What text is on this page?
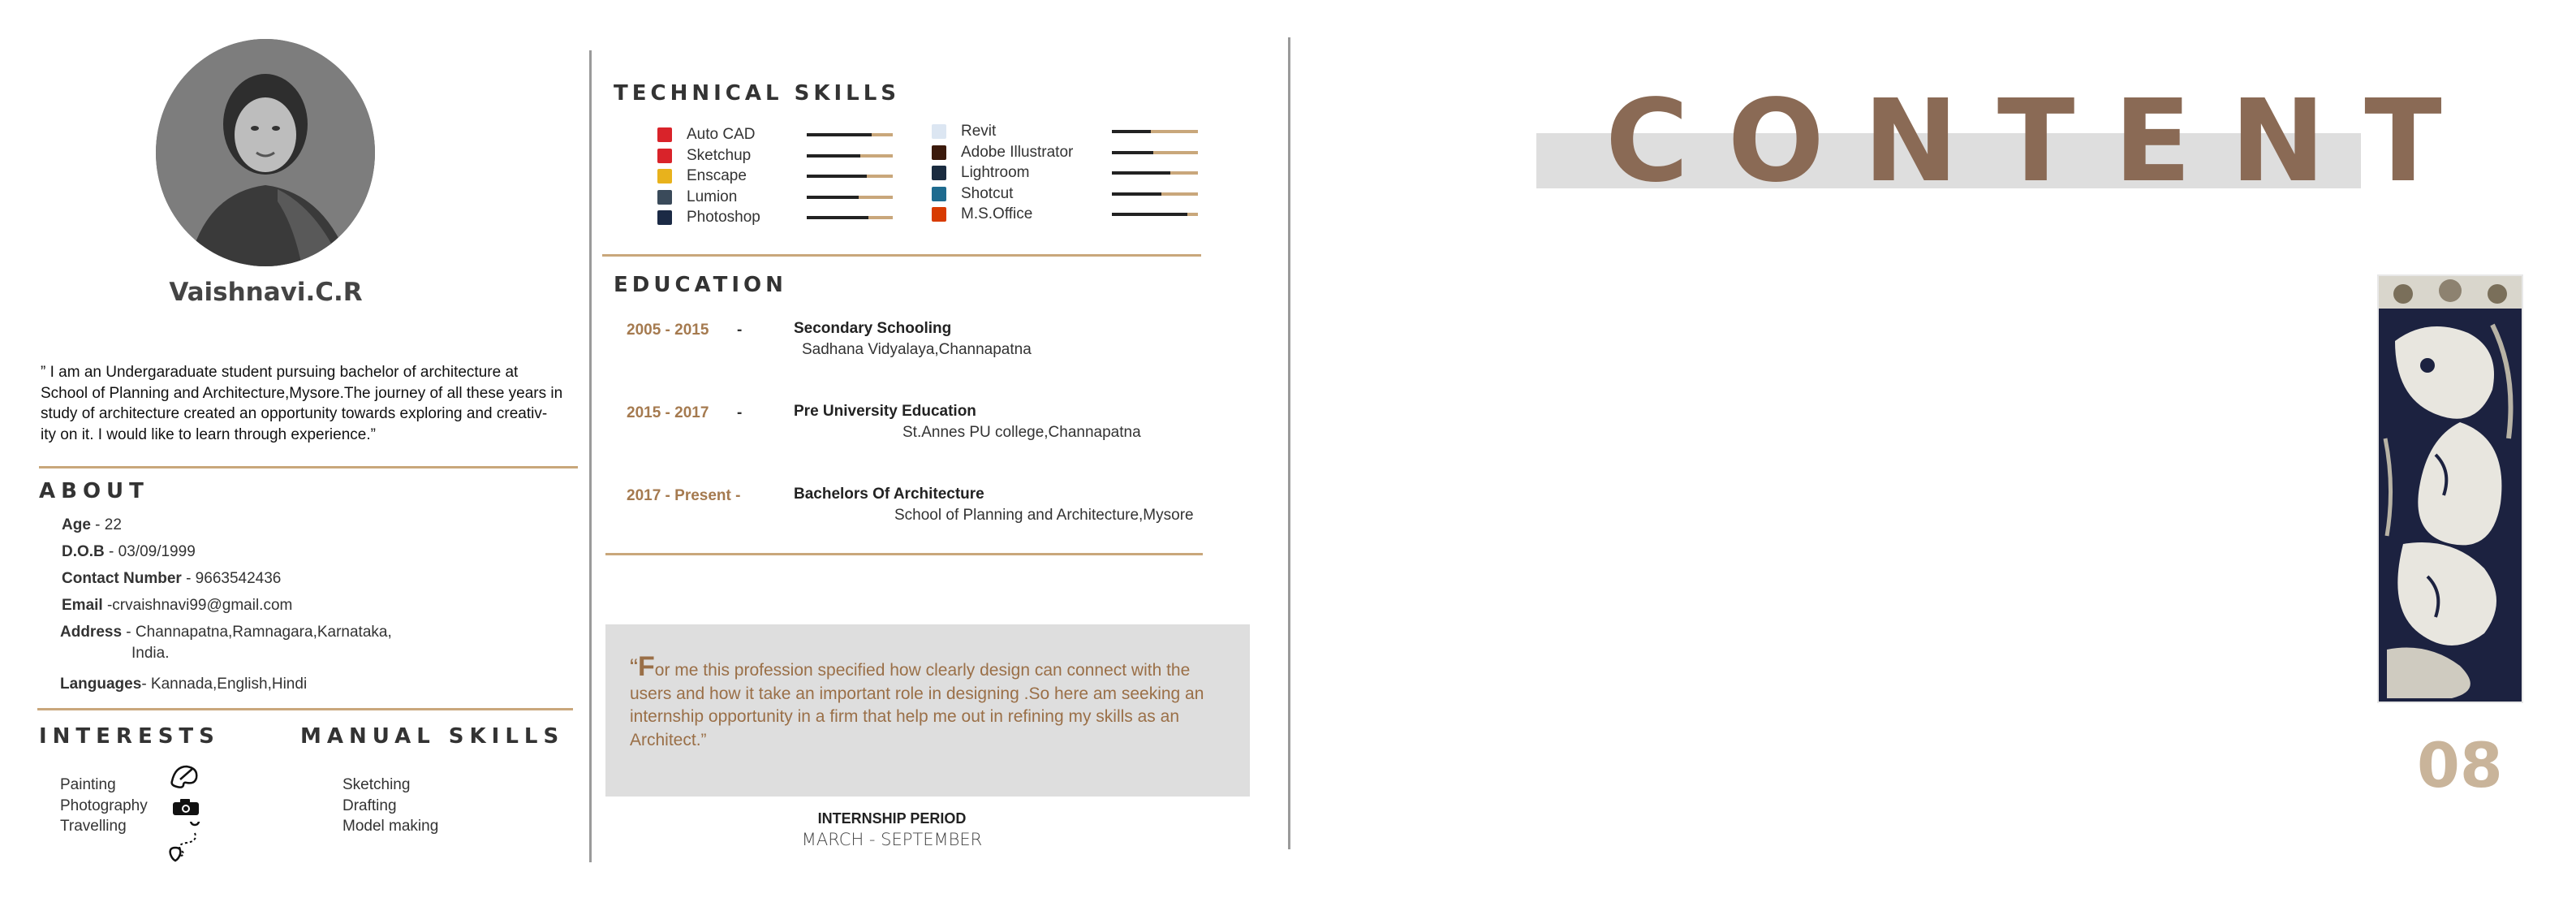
Vaishnavi.C.R
” I am an Undergaraduate student pursuing bachelor of architecture at
School of Planning and Architecture,Mysore.The journey of all these years in
study of architecture created an opportunity towards exploring and creativ-
ity on it. I would like to learn through experience.”
ABOUT
Age - 22
D.O.B - 03/09/1999
Contact Number - 9663542436
Email -crvaishnavi99@gmail.com
Address - Channapatna,Ramnagara,Karnataka,
India.
Languages- Kannada,English,Hindi
INTERESTS	MANUAL SKILLS
Painting
Photography
Travelling
Sketching
Drafting
Model making
TECHNICAL SKILLS
Auto CAD
Sketchup
Enscape
Lumion
Photoshop
Revit
Adobe Illustrator
Lightroom
Shotcut
M.S.Office
EDUCATION
2005 - 2015 -	Secondary Schooling
Sadhana Vidyalaya,Channapatna
2015 - 2017 -	Pre University Education
St.Annes PU college,Channapatna
2017 - Present -	Bachelors Of Architecture
School of Planning and Architecture,Mysore
“For me this profession specified how clearly design can connect with the
users and how it take an important role in designing .So here am seeking an
internship opportunity in a firm that help me out in refining my skills as an
Architect.”
INTERNSHIP PERIOD
MARCH - SEPTEMBER
CONTENT
08
